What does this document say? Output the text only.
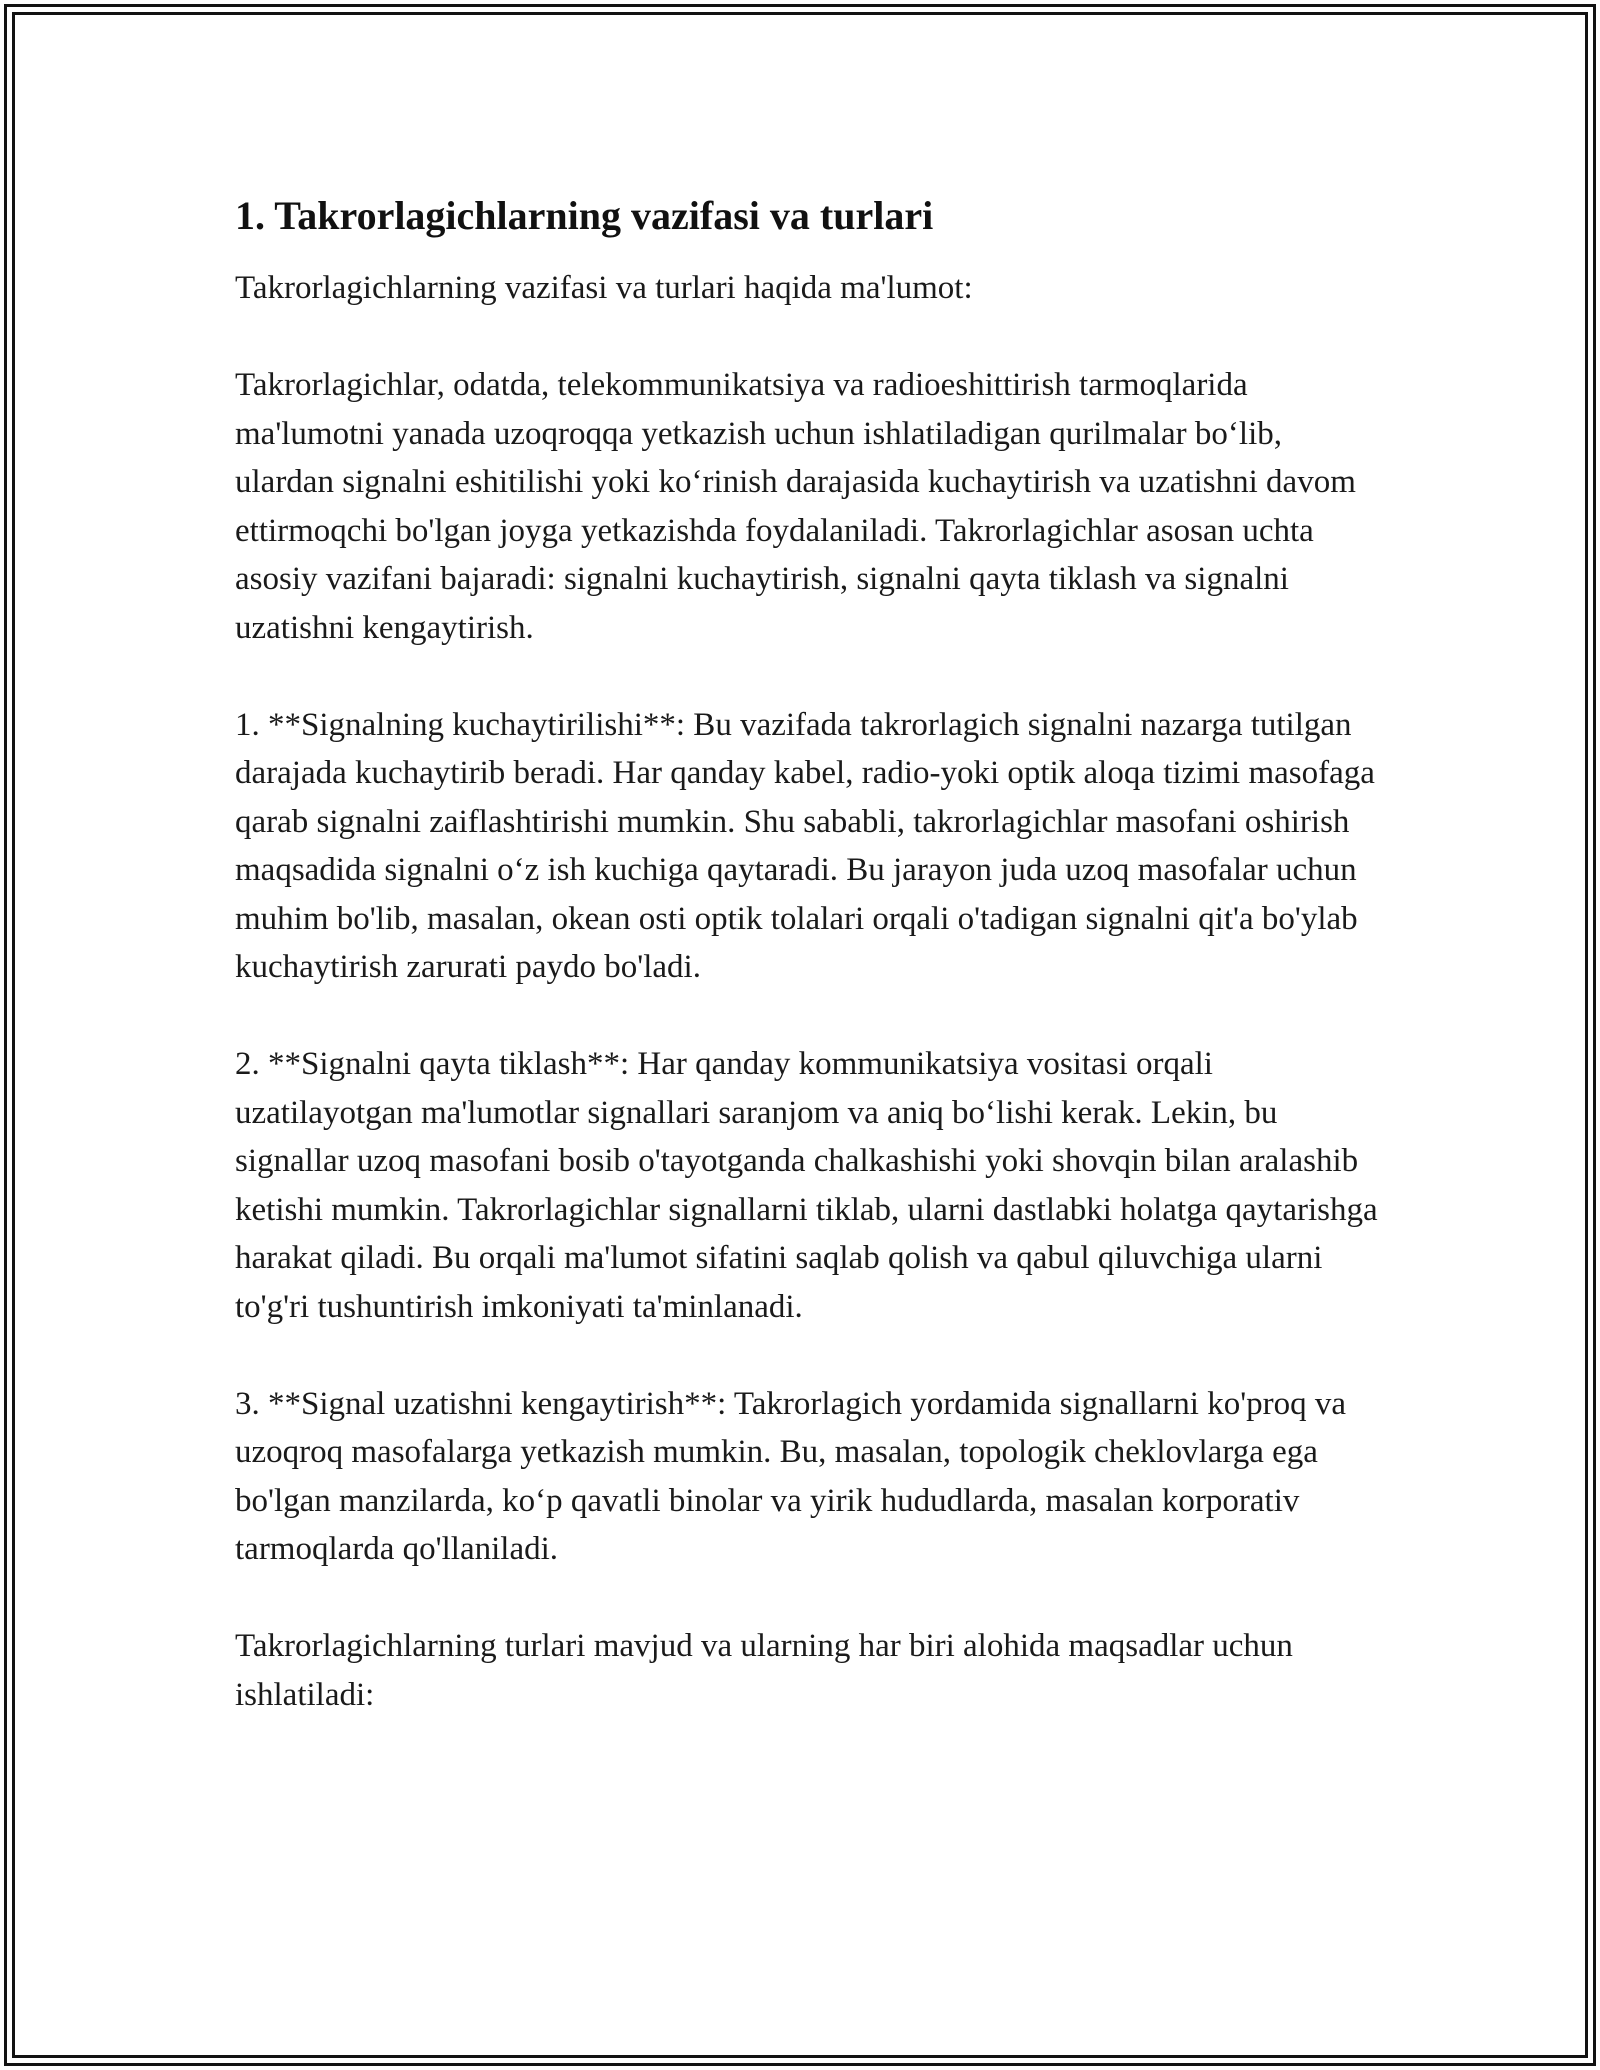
1. Takrorlagichlarning vazifasi va turlari

Takrorlagichlarning vazifasi va turlari haqida ma'lumot:

Takrorlagichlar, odatda, telekommunikatsiya va radioeshittirish tarmoqlarida ma'lumotni yanada uzoqroqqa yetkazish uchun ishlatiladigan qurilmalar bo‘lib, ulardan signalni eshitilishi yoki ko‘rinish darajasida kuchaytirish va uzatishni davom ettirmoqchi bo'lgan joyga yetkazishda foydalaniladi. Takrorlagichlar asosan uchta asosiy vazifani bajaradi: signalni kuchaytirish, signalni qayta tiklash va signalni uzatishni kengaytirish.

1. **Signalning kuchaytirilishi**: Bu vazifada takrorlagich signalni nazarga tutilgan darajada kuchaytirib beradi. Har qanday kabel, radio-yoki optik aloqa tizimi masofaga qarab signalni zaiflashtirishi mumkin. Shu sababli, takrorlagichlar masofani oshirish maqsadida signalni o‘z ish kuchiga qaytaradi. Bu jarayon juda uzoq masofalar uchun muhim bo'lib, masalan, okean osti optik tolalari orqali o'tadigan signalni qit'a bo'ylab kuchaytirish zarurati paydo bo'ladi.

2. **Signalni qayta tiklash**: Har qanday kommunikatsiya vositasi orqali uzatilayotgan ma'lumotlar signallari saranjom va aniq bo‘lishi kerak. Lekin, bu signallar uzoq masofani bosib o'tayotganda chalkashishi yoki shovqin bilan aralashib ketishi mumkin. Takrorlagichlar signallarni tiklab, ularni dastlabki holatga qaytarishga harakat qiladi. Bu orqali ma'lumot sifatini saqlab qolish va qabul qiluvchiga ularni to'g'ri tushuntirish imkoniyati ta'minlanadi.

3. **Signal uzatishni kengaytirish**: Takrorlagich yordamida signallarni ko'proq va uzoqroq masofalarga yetkazish mumkin. Bu, masalan, topologik cheklovlarga ega bo'lgan manzilarda, ko‘p qavatli binolar va yirik hududlarda, masalan korporativ tarmoqlarda qo'llaniladi.

Takrorlagichlarning turlari mavjud va ularning har biri alohida maqsadlar uchun ishlatiladi:
